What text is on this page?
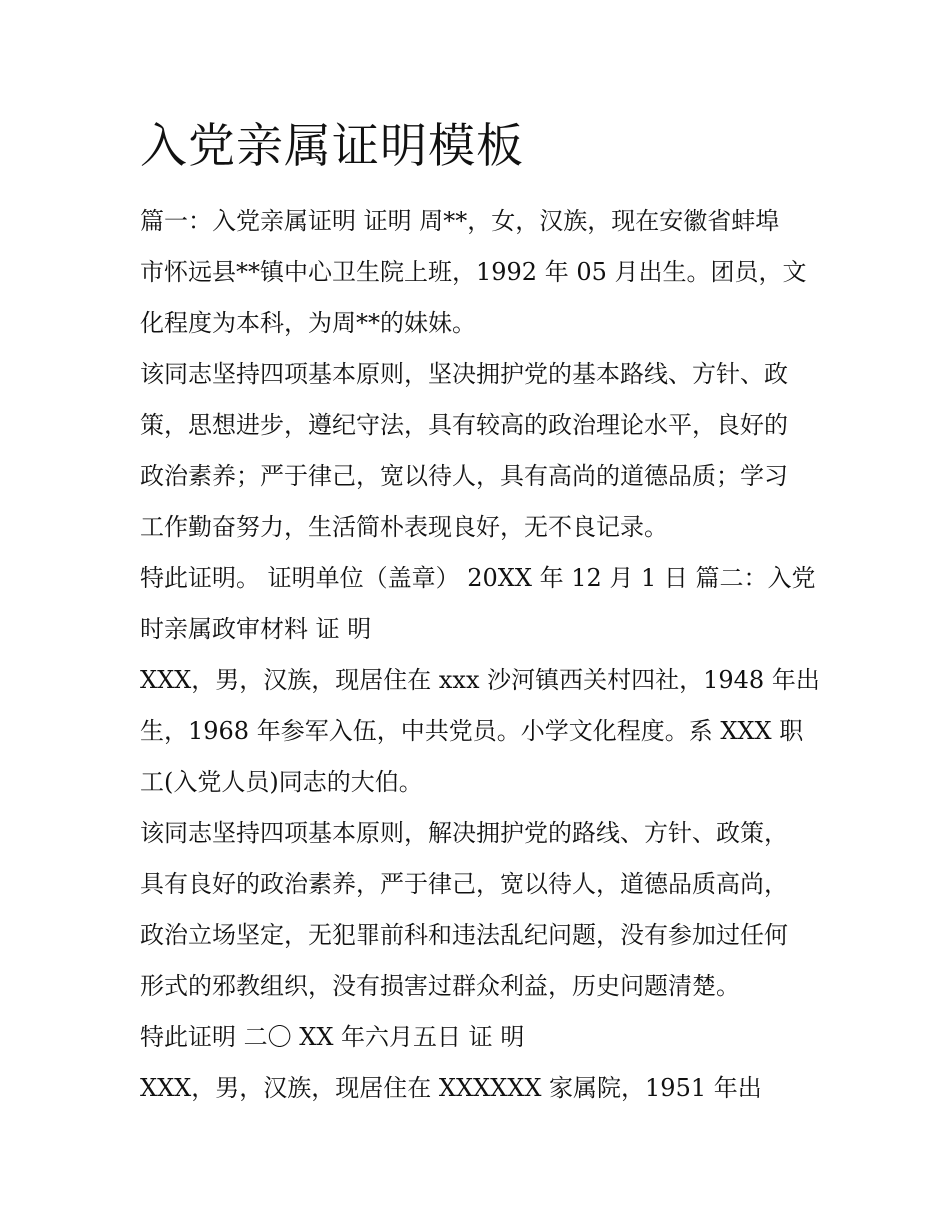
入党亲属证明模板
篇一：入党亲属证明 证明 周**，女，汉族，现在安徽省蚌埠
市怀远县**镇中心卫生院上班，1992 年 05 月出生。团员，文
化程度为本科，为周**的妹妹。
该同志坚持四项基本原则，坚决拥护党的基本路线、方针、政
策，思想进步，遵纪守法，具有较高的政治理论水平，良好的
政治素养；严于律己，宽以待人，具有高尚的道德品质；学习
工作勤奋努力，生活简朴表现良好，无不良记录。
特此证明。 证明单位（盖章） 20XX 年 12 月 1 日 篇二：入党
时亲属政审材料 证 明
XXX，男，汉族，现居住在 xxx 沙河镇西关村四社，1948 年出
生，1968 年参军入伍，中共党员。小学文化程度。系 XXX 职
工(入党人员)同志的大伯。
该同志坚持四项基本原则，解决拥护党的路线、方针、政策，
具有良好的政治素养，严于律己，宽以待人，道德品质高尚，
政治立场坚定，无犯罪前科和违法乱纪问题，没有参加过任何
形式的邪教组织，没有损害过群众利益，历史问题清楚。
特此证明 二〇 XX 年六月五日 证 明
XXX，男，汉族，现居住在 XXXXXX 家属院，1951 年出
